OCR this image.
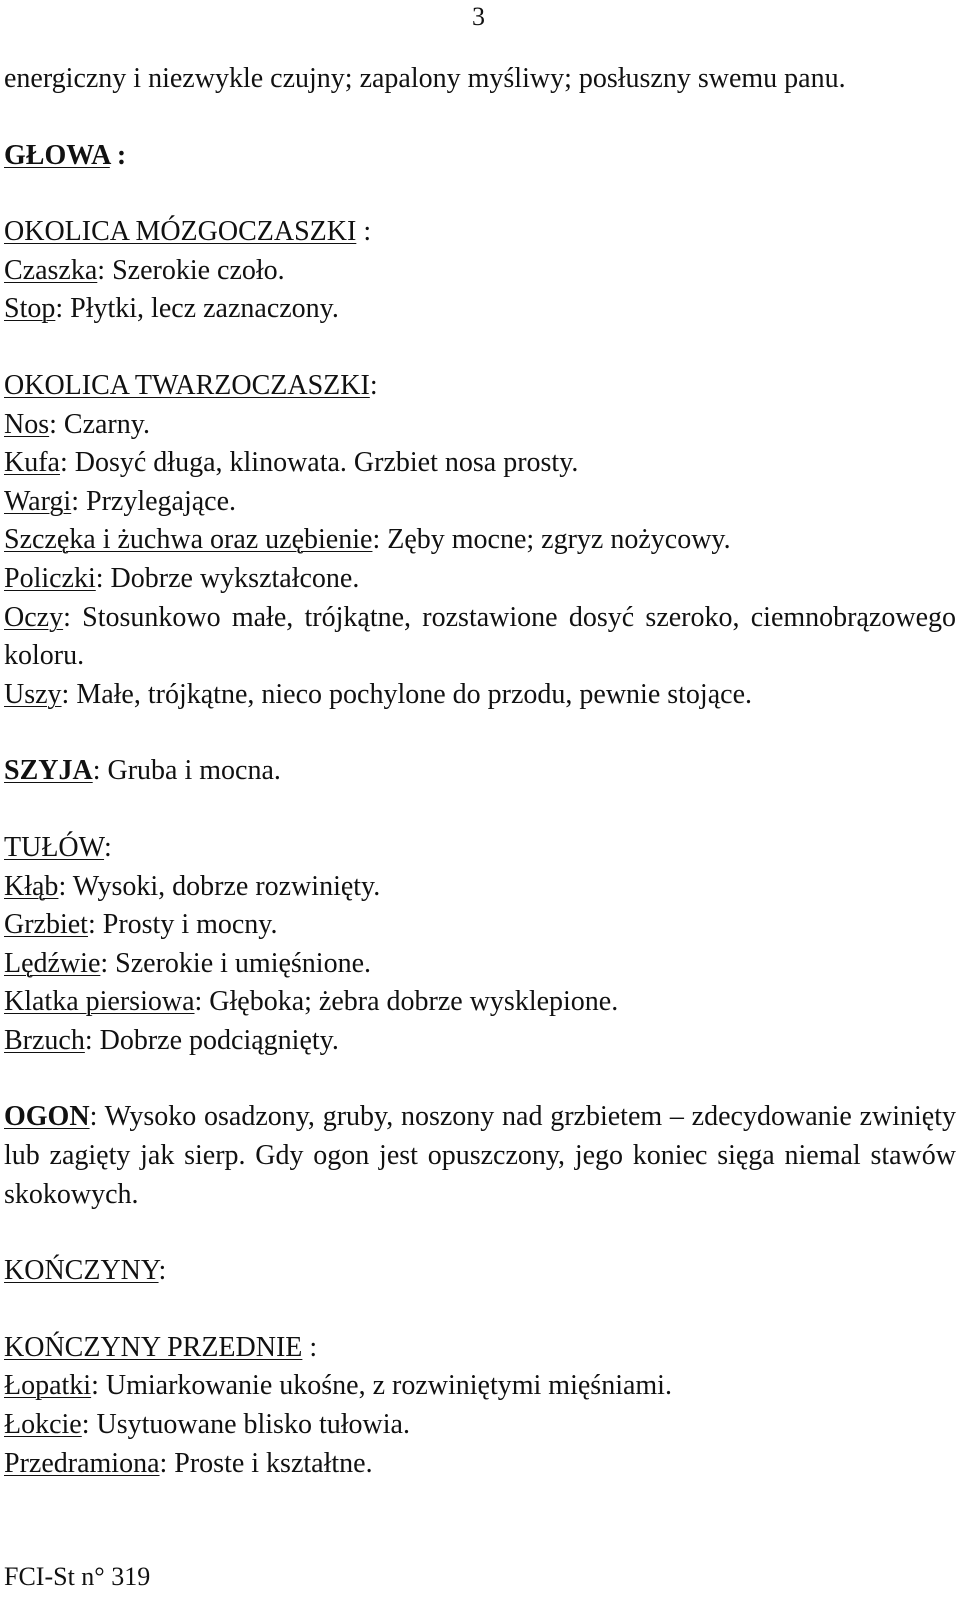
3

energiczny i niezwykle czujny; zapalony myśliwy; posłuszny swemu panu.

GŁOWA :

OKOLICA MÓZGOCZASZKI :

Czaszka: Szerokie czoło.

Stop: Płytki, lecz zaznaczony.

OKOLICA TWARZOCZASZKI:

Nos: Czarny.

Kufa: Dosyć długa, klinowata. Grzbiet nosa prosty.

Wargi: Przylegające.

Szczęka i żuchwa oraz uzębienie: Zęby mocne; zgryz nożycowy.

Policzki: Dobrze wykształcone.

Oczy: Stosunkowo małe, trójkątne, rozstawione dosyć szeroko, ciemnobrązowego koloru.

Uszy: Małe, trójkątne, nieco pochylone do przodu, pewnie stojące.

SZYJA: Gruba i mocna.

TUŁÓW:

Kłąb: Wysoki, dobrze rozwinięty.

Grzbiet: Prosty i mocny.

Lędźwie: Szerokie i umięśnione.

Klatka piersiowa: Głęboka; żebra dobrze wysklepione.

Brzuch: Dobrze podciągnięty.

OGON: Wysoko osadzony, gruby, noszony nad grzbietem – zdecydowanie zwinięty lub zagięty jak sierp. Gdy ogon jest opuszczony, jego koniec sięga niemal stawów skokowych.

KOŃCZYNY:

KOŃCZYNY PRZEDNIE :

Łopatki: Umiarkowanie ukośne, z rozwiniętymi mięśniami.

Łokcie: Usytuowane blisko tułowia.

Przedramiona: Proste i kształtne.

FCI-St n° 319
